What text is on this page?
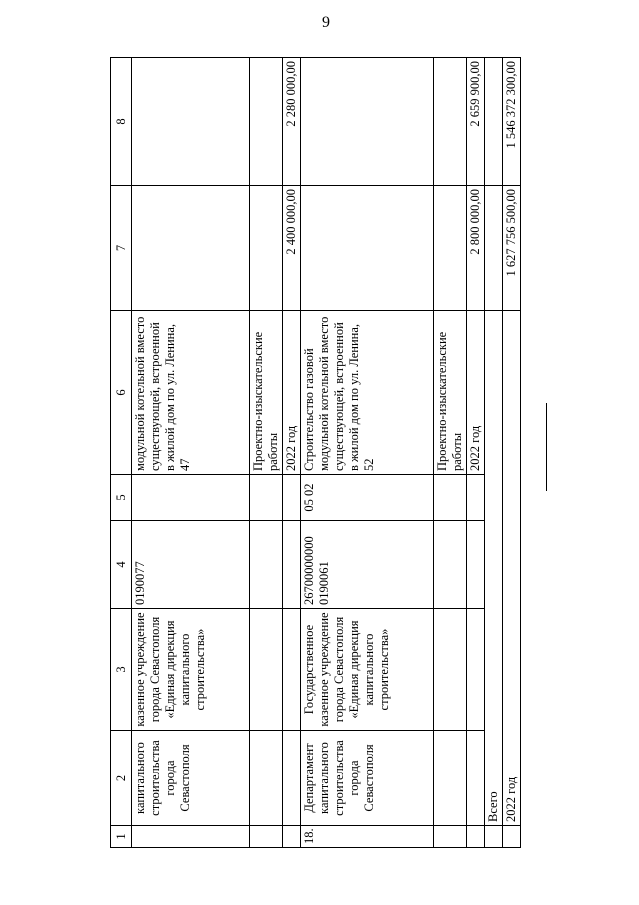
9
1	2	3	4	5	6	7	8
	капитального строительства города Севастополя	казенное учреждение города Севастополя «Единая дирекция капитального строительства»	0190077		модульной котельной вместо существующей, встроенной в жилой дом по ул. Ленина, 47		
					Проектно-изыскательские работы		
					2022 год	2 400 000,00	2 280 000,00
18.	Департамент капитального строительства города Севастополя	Государственное казенное учреждение города Севастополя «Единая дирекция капитального строительства»	26700000000 0190061	05 02	Строительство газовой модульной котельной вместо существующей, встроенной в жилой дом по ул. Ленина, 52		
					Проектно-изыскательские работы		
					2022 год	2 800 000,00	2 659 900,00
	Всего						
	2022 год					1 627 756 500,00	1 546 372 300,00
